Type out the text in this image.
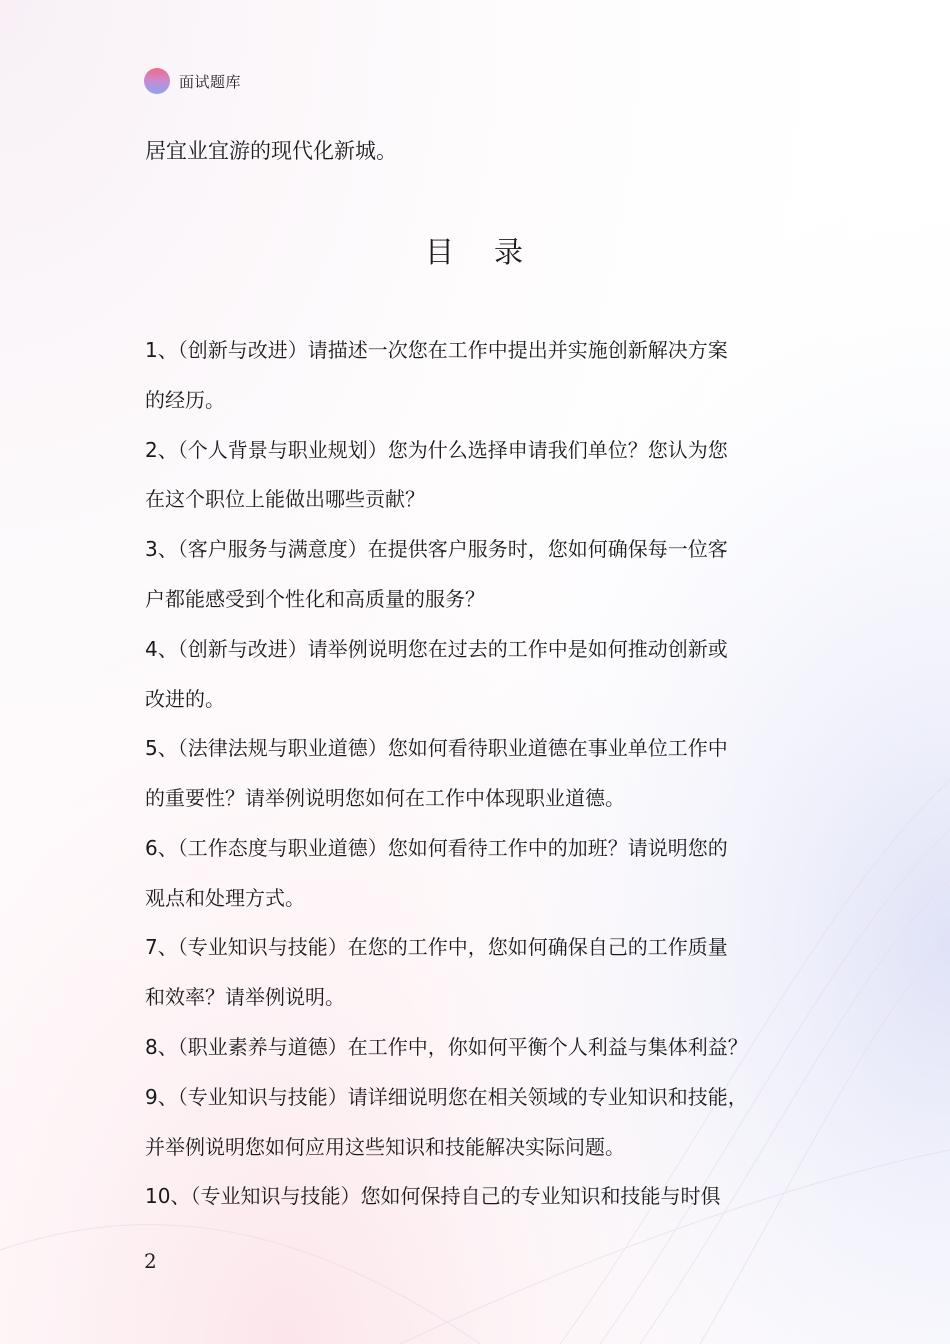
面试题库
居宜业宜游的现代化新城。
目录
1、（创新与改进）请描述一次您在工作中提出并实施创新解决方案
的经历。
2、（个人背景与职业规划）您为什么选择申请我们单位？您认为您
在这个职位上能做出哪些贡献？
3、（客户服务与满意度）在提供客户服务时，您如何确保每一位客
户都能感受到个性化和高质量的服务？
4、（创新与改进）请举例说明您在过去的工作中是如何推动创新或
改进的。
5、（法律法规与职业道德）您如何看待职业道德在事业单位工作中
的重要性？请举例说明您如何在工作中体现职业道德。
6、（工作态度与职业道德）您如何看待工作中的加班？请说明您的
观点和处理方式。
7、（专业知识与技能）在您的工作中，您如何确保自己的工作质量
和效率？请举例说明。
8、（职业素养与道德）在工作中，你如何平衡个人利益与集体利益？
9、（专业知识与技能）请详细说明您在相关领域的专业知识和技能，
并举例说明您如何应用这些知识和技能解决实际问题。
10、（专业知识与技能）您如何保持自己的专业知识和技能与时俱
2
